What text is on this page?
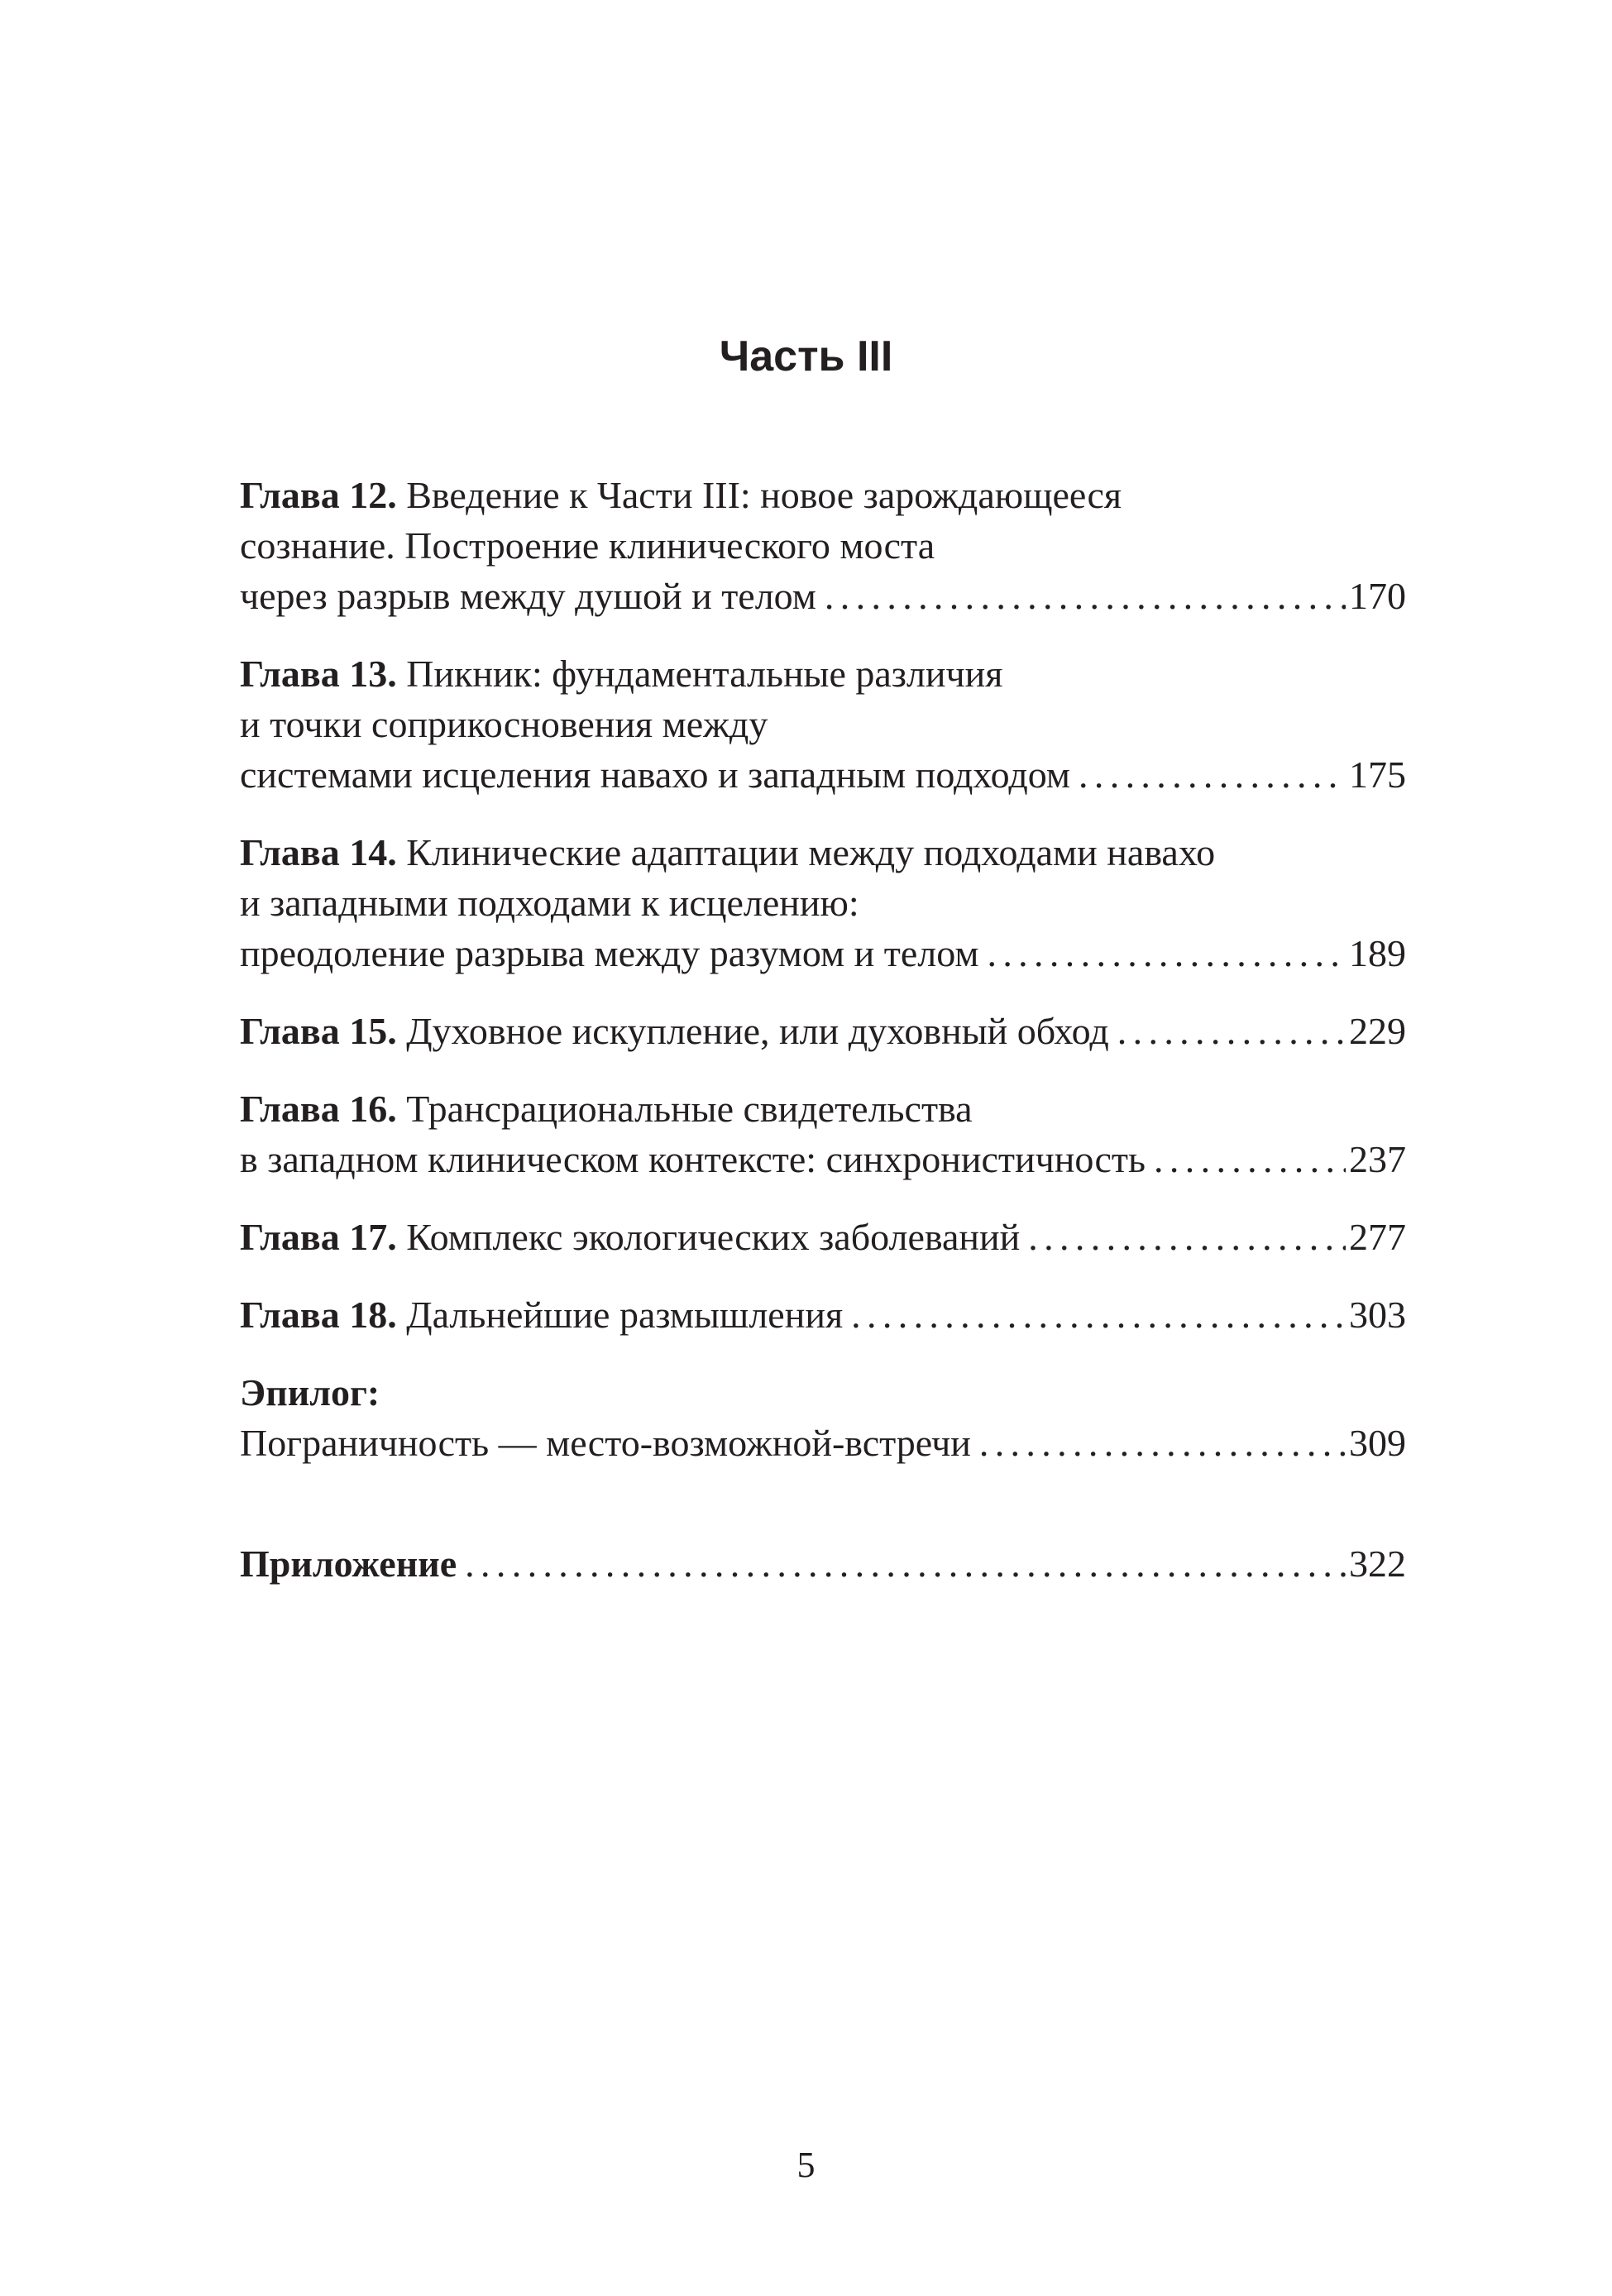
Часть III
Глава 12. Введение к Части III: новое зарождающееся
сознание. Построение клинического моста
через разрыв между душой и телом .....	170
Глава 13. Пикник: фундаментальные различия
и точки соприкосновения между
системами исцеления навахо и западным подходом .....	175
Глава 14. Клинические адаптации между подходами навахо
и западными подходами к исцелению:
преодоление разрыва между разумом и телом .....	189
Глава 15. Духовное искупление, или духовный обход .....	229
Глава 16. Трансрациональные свидетельства
в западном клиническом контексте: синхронистичность .....	237
Глава 17. Комплекс экологических заболеваний .....	277
Глава 18. Дальнейшие размышления .....	303
Эпилог:
Пограничность — место-возможной-встречи .....	309
Приложение .....	322
5
